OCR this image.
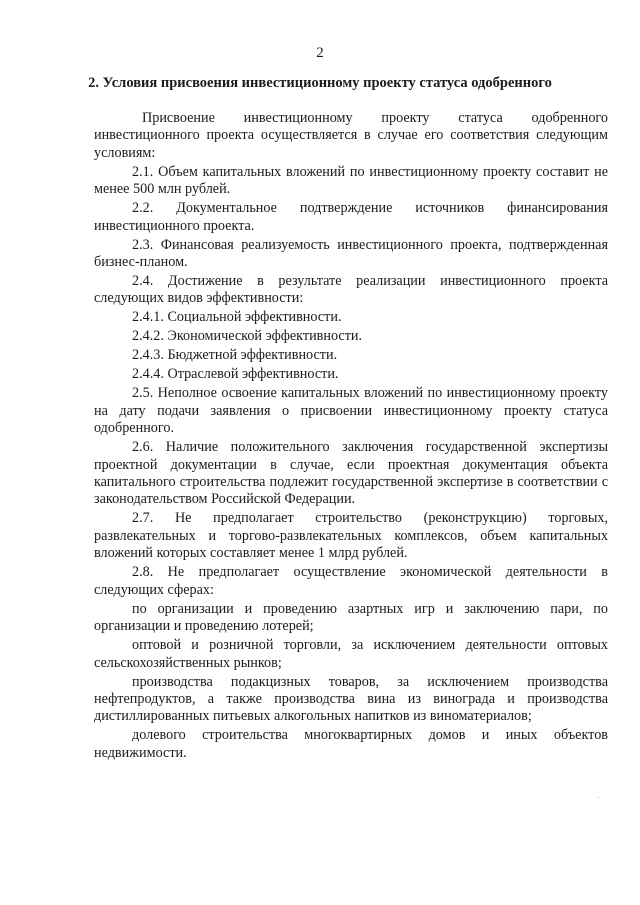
2
2. Условия присвоения инвестиционному проекту статуса одобренного

Присвоение инвестиционному проекту статуса одобренного инвестиционного проекта осуществляется в случае его соответствия следующим условиям:

2.1. Объем капитальных вложений по инвестиционному проекту составит не менее 500 млн рублей.

2.2. Документальное подтверждение источников финансирования инвестиционного проекта.

2.3. Финансовая реализуемость инвестиционного проекта, подтвержденная бизнес-планом.

2.4. Достижение в результате реализации инвестиционного проекта следующих видов эффективности:

2.4.1. Социальной эффективности.

2.4.2. Экономической эффективности.

2.4.3. Бюджетной эффективности.

2.4.4. Отраслевой эффективности.

2.5. Неполное освоение капитальных вложений по инвестиционному проекту на дату подачи заявления о присвоении инвестиционному проекту статуса одобренного.

2.6. Наличие положительного заключения государственной экспертизы проектной документации в случае, если проектная документация объекта капитального строительства подлежит государственной экспертизе в соответствии с законодательством Российской Федерации.

2.7. Не предполагает строительство (реконструкцию) торговых, развлекательных и торгово-развлекательных комплексов, объем капитальных вложений которых составляет менее 1 млрд рублей.

2.8. Не предполагает осуществление экономической деятельности в следующих сферах:

по организации и проведению азартных игр и заключению пари, по организации и проведению лотерей;

оптовой и розничной торговли, за исключением деятельности оптовых сельскохозяйственных рынков;

производства подакцизных товаров, за исключением производства нефтепродуктов, а также производства вина из винограда и производства дистиллированных питьевых алкогольных напитков из виноматериалов;

долевого строительства многоквартирных домов и иных объектов недвижимости.
